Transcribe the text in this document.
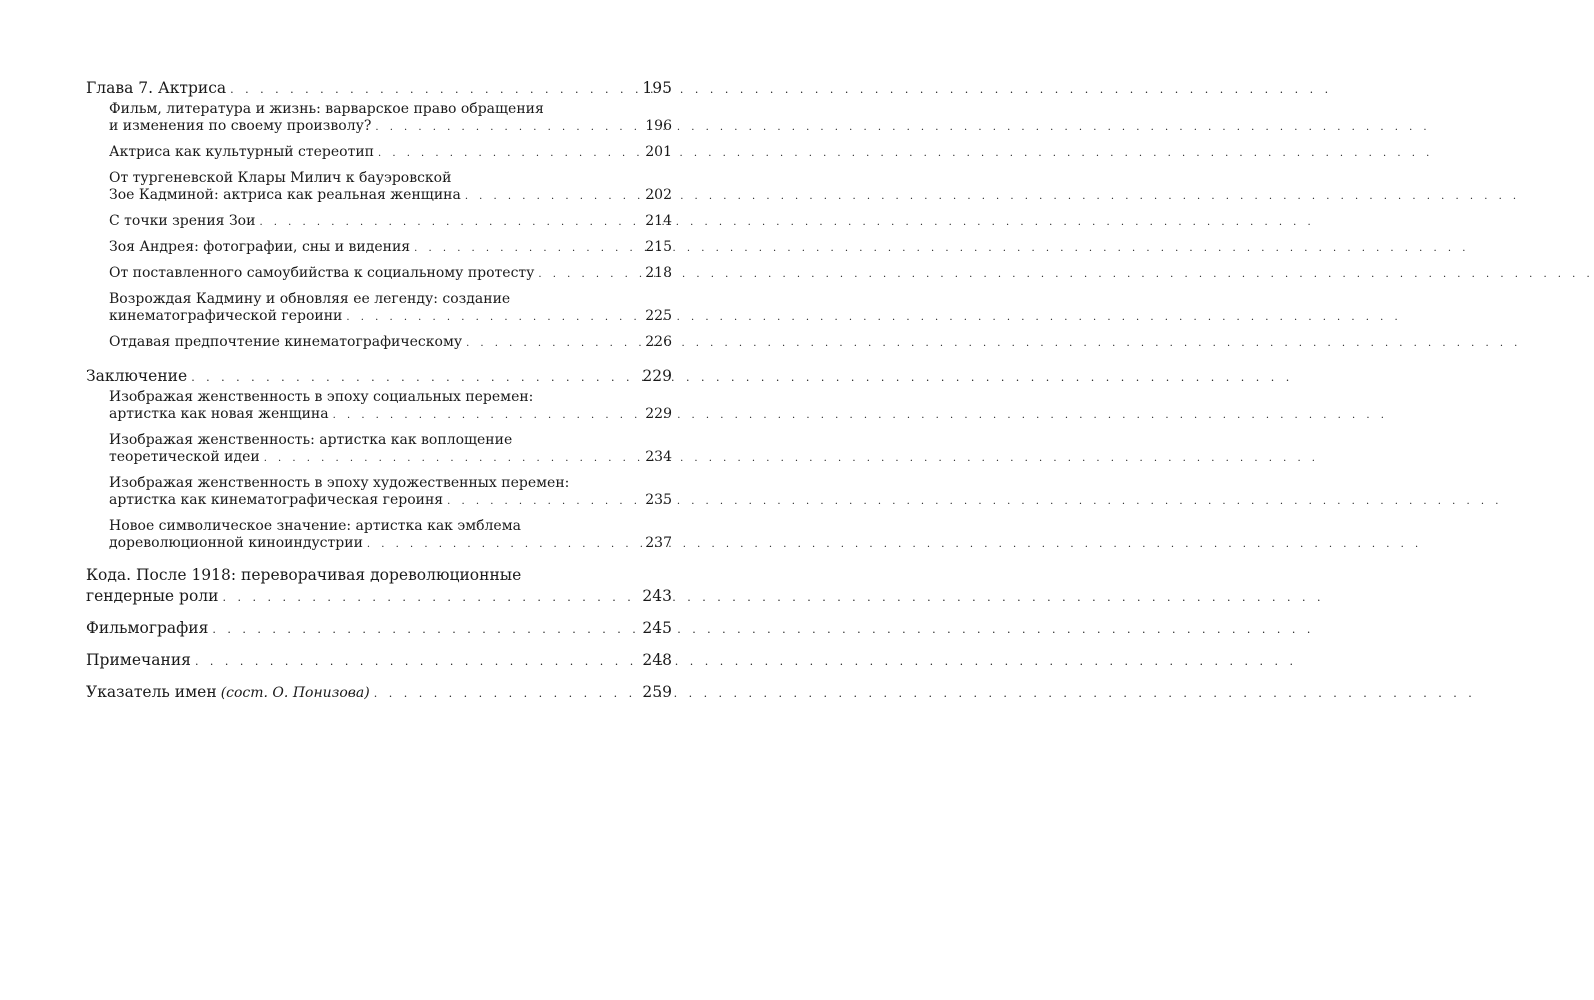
Глава 7. Актриса . . .	195
Фильм, литература и жизнь: варварское право обращения
и изменения по своему произволу? . . .	196
Актриса как культурный стереотип . . .	201
От тургеневской Клары Милич к бауэровской
Зое Кадминой: актриса как реальная женщина . . .	202
С точки зрения Зои . . .	214
Зоя Андрея: фотографии, сны и видения . . .	215
От поставленного самоубийства к социальному протесту . . .	218
Возрождая Кадмину и обновляя ее легенду: создание
кинематографической героини . . .	225
Отдавая предпочтение кинематографическому . . .	226
Заключение . . .	229
Изображая женственность в эпоху социальных перемен:
артистка как новая женщина . . .	229
Изображая женственность: артистка как воплощение
теоретической идеи . . .	234
Изображая женственность в эпоху художественных перемен:
артистка как кинематографическая героиня . . .	235
Новое символическое значение: артистка как эмблема
дореволюционной киноиндустрии . . .	237
Кода. После 1918: переворачивая дореволюционные
гендерные роли . . .	243
Фильмография . . .	245
Примечания . . .	248
Указатель имен (сост. О. Понизова) . . .	259
